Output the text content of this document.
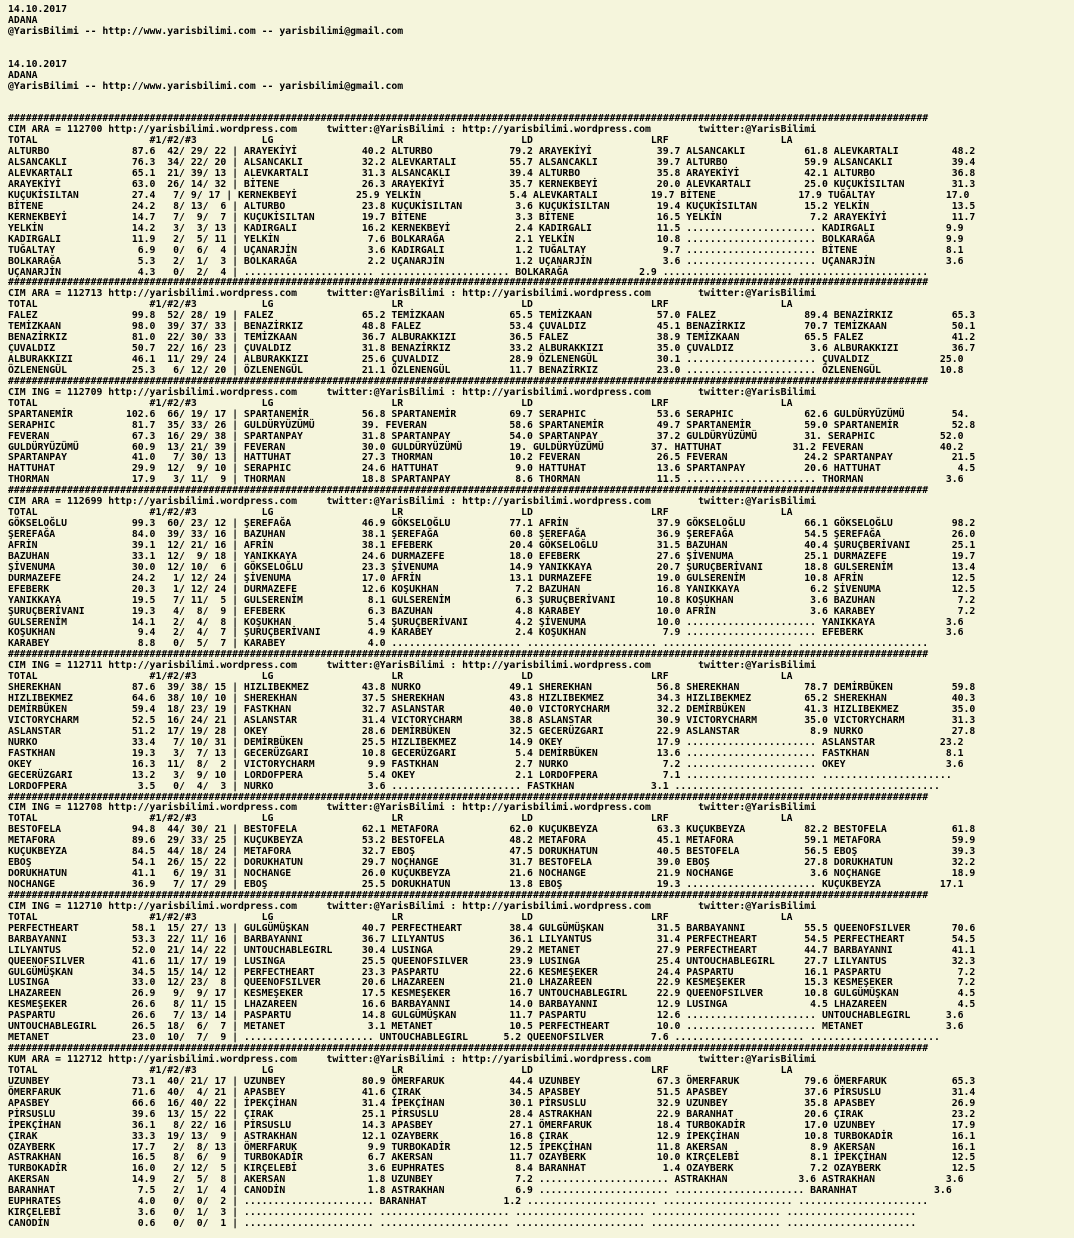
14.10.2017
ADANA
@YarisBilimi -- http://www.yarisbilimi.com -- yarisbilimi@gmail.com
14.10.2017
ADANA
@YarisBilimi -- http://www.yarisbilimi.com -- yarisbilimi@gmail.com
############################################################################################################################################################
CIM ARA = 112700 http://yarisbilimi.wordpress.com     twitter:@YarisBilimi : http://yarisbilimi.wordpress.com        twitter:@YarisBilimi
TOTAL                   #1/#2/#3           LG                    LR                    LD                    LRF                   LA
ALTURBO              87.6  42/ 29/ 22 | ARAYEKİYİ           40.2 ALTURBO             79.2 ARAYEKİYİ           39.7 ALSANCAKLI          61.8 ALEVKARTALI         48.2
ALSANCAKLI           76.3  34/ 22/ 20 | ALSANCAKLI          32.2 ALEVKARTALI         55.7 ALSANCAKLI          39.7 ALTURBO             59.9 ALSANCAKLI          39.4
ALEVKARTALI          65.1  21/ 39/ 13 | ALEVKARTALI         31.3 ALSANCAKLI          39.4 ALTURBO             35.8 ARAYEKİYİ           42.1 ALTURBO             36.8
ARAYEKİYİ            63.0  26/ 14/ 32 | BİTENE              26.3 ARAYEKİYİ           35.7 KERNEKBEYİ          20.0 ALEVKARTALI         25.0 KUÇUKİSILTAN        31.3
KUÇUKİSILTAN         27.4   7/ 9/ 17 | KERNEKBEYİ          25.9 YELKİN               5.4 ALEVKARTALI         19.7 BİTENE              17.9 TUĞALTAY            17.0
BİTENE               24.2   8/ 13/  6 | ALTURBO             23.8 KUÇUKİSILTAN         3.6 KUÇUKİSILTAN        19.4 KUÇUKİSILTAN        15.2 YELKİN              13.5
KERNEKBEYİ           14.7   7/  9/  7 | KUÇUKİSILTAN        19.7 BİTENE               3.3 BİTENE              16.5 YELKİN               7.2 ARAYEKİYİ           11.7
YELKİN               14.2   3/  3/ 13 | KADIRGALI           16.2 KERNEKBEYİ           2.4 KADIRGALI           11.5 ...................... KADIRGALI            9.9
KADIRGALI            11.9   2/  5/ 11 | YELKİN               7.6 BOLKARAĞA            2.1 YELKİN              10.8 ...................... BOLKARAĞA            9.9
TUĞALTAY              6.9   0/  6/  4 | UÇANARJİN            3.6 KADIRGALI            1.2 TUĞALTAY             9.7 ...................... BİTENE               8.1
BOLKARAĞA             5.3   2/  1/  3 | BOLKARAĞA            2.2 UÇANARJİN            1.2 UÇANARJİN            3.6 ...................... UÇANARJİN            3.6
UÇANARJİN             4.3   0/  2/  4 | ...................... ...................... BOLKARAĞA            2.9 ...................... ......................
############################################################################################################################################################
CIM ARA = 112713 http://yarisbilimi.wordpress.com     twitter:@YarisBilimi : http://yarisbilimi.wordpress.com        twitter:@YarisBilimi
TOTAL                   #1/#2/#3           LG                    LR                    LD                    LRF                   LA
FALEZ                99.8  52/ 28/ 19 | FALEZ               65.2 TEMİZKAAN           65.5 TEMİZKAAN           57.0 FALEZ               89.4 BENAZİRKIZ          65.3
TEMİZKAAN            98.0  39/ 37/ 33 | BENAZİRKIZ          48.8 FALEZ               53.4 ÇUVALDIZ            45.1 BENAZİRKIZ          70.7 TEMİZKAAN           50.1
BENAZİRKIZ           81.0  22/ 30/ 33 | TEMİZKAAN           36.7 ALBURAKKIZI         36.5 FALEZ               38.9 TEMİZKAAN           65.5 FALEZ               41.2
ÇUVALDIZ             50.7  22/ 16/ 23 | ÇUVALDIZ            31.8 BENAZİRKIZ          33.2 ALBURAKKIZI         35.0 ÇUVALDIZ             3.6 ALBURAKKIZI         36.7
ALBURAKKIZI          46.1  11/ 29/ 24 | ALBURAKKIZI         25.6 ÇUVALDIZ            28.9 ÖZLENENGÜL          30.1 ...................... ÇUVALDIZ            25.0
ÖZLENENGÜL           25.3   6/ 12/ 20 | ÖZLENENGÜL          21.1 ÖZLENENGÜL          11.7 BENAZİRKIZ          23.0 ...................... ÖZLENENGÜL          10.8
############################################################################################################################################################
CIM ING = 112709 http://yarisbilimi.wordpress.com     twitter:@YarisBilimi : http://yarisbilimi.wordpress.com        twitter:@YarisBilimi
TOTAL                   #1/#2/#3           LG                    LR                    LD                    LRF                   LA
SPARTANEMİR         102.6  66/ 19/ 17 | SPARTANEMİR         56.8 SPARTANEMİR         69.7 SERAPHIC            53.6 SERAPHIC            62.6 GULDÜRYÜZÜMÜ        54.
SERAPHIC             81.7  35/ 33/ 26 | GULDÜRYÜZÜMÜ        39. FEVERAN              58.6 SPARTANEMİR         49.7 SPARTANEMİR         59.0 SPARTANEMİR         52.8
FEVERAN              67.3  16/ 29/ 38 | SPARTANPAY          31.8 SPARTANPAY          54.0 SPARTANPAY          37.2 GULDÜRYÜZÜMÜ        31. SERAPHIC           52.0
GULDÜRYÜZÜMÜ         60.9  13/ 21/ 39 | FEVERAN             30.0 GULDÜRYÜZÜMÜ        19. GULDÜRYÜZÜMÜ        37. HATTUHAT            31.2 FEVERAN             40.2
SPARTANPAY           41.0   7/ 30/ 13 | HATTUHAT            27.3 THORMAN             10.2 FEVERAN             26.5 FEVERAN             24.2 SPARTANPAY          21.5
HATTUHAT             29.9  12/  9/ 10 | SERAPHIC            24.6 HATTUHAT             9.0 HATTUHAT            13.6 SPARTANPAY          20.6 HATTUHAT             4.5
THORMAN              17.9   3/ 11/  9 | THORMAN             18.8 SPARTANPAY           8.6 THORMAN             11.5 ...................... THORMAN              3.6
############################################################################################################################################################
CIM ARA = 112699 http://yarisbilimi.wordpress.com     twitter:@YarisBilimi : http://yarisbilimi.wordpress.com        twitter:@YarisBilimi
TOTAL                   #1/#2/#3           LG                    LR                    LD                    LRF                   LA
GÖKSELOĞLU           99.3  60/ 23/ 12 | ŞEREFAĞA            46.9 GÖKSELOĞLU          77.1 AFRİN               37.9 GÖKSELOĞLU          66.1 GÖKSELOĞLU          98.2
ŞEREFAĞA             84.0  39/ 33/ 16 | BAZUHAN             38.1 ŞEREFAĞA            60.8 ŞEREFAĞA            36.9 ŞEREFAĞA            54.5 ŞEREFAĞA            26.0
AFRİN                39.1  12/ 21/ 16 | AFRİN               38.1 EFEBERK             20.4 GÖKSELOĞLU          31.5 BAZUHAN             40.4 ŞURUÇBERİVANI       25.1
BAZUHAN              33.1  12/  9/ 18 | YANIKKAYA           24.6 DURMAZEFE           18.0 EFEBERK             27.6 ŞİVENUMA            25.1 DURMAZEFE           19.7
ŞİVENUMA             30.0  12/ 10/  6 | GÖKSELOĞLU          23.3 ŞİVENUMA            14.9 YANIKKAYA           20.7 ŞURUÇBERİVANI       18.8 GULSERENİM          13.4
DURMAZEFE            24.2   1/ 12/ 24 | ŞİVENUMA            17.0 AFRİN               13.1 DURMAZEFE           19.0 GULSERENİM          10.8 AFRİN               12.5
EFEBERK              20.3   1/ 12/ 24 | DURMAZEFE           12.6 KOŞUKHAN             7.2 BAZUHAN             16.8 YANIKKAYA            6.2 ŞİVENUMA            12.5
YANIKKAYA            19.5   7/ 11/  5 | GULSERENİM           8.1 GULSERENİM           6.3 ŞURUÇBERİVANI       10.8 KOŞUKHAN             3.6 BAZUHAN              7.2
ŞURUÇBERİVANI        19.3   4/  8/  9 | EFEBERK              6.3 BAZUHAN              4.8 KARABEY             10.0 AFRİN                3.6 KARABEY              7.2
GULSERENİM           14.1   2/  4/  8 | KOŞUKHAN             5.4 ŞURUÇBERİVANI        4.2 ŞİVENUMA            10.0 ...................... YANIKKAYA            3.6
KOŞUKHAN              9.4   2/  4/  7 | ŞURUÇBERİVANI        4.9 KARABEY              2.4 KOŞUKHAN             7.9 ...................... EFEBERK              3.6
KARABEY               8.8   0/  5/  7 | KARABEY              4.0 ...................... ...................... ...................... ......................
############################################################################################################################################################
CIM ING = 112711 http://yarisbilimi.wordpress.com     twitter:@YarisBilimi : http://yarisbilimi.wordpress.com        twitter:@YarisBilimi
TOTAL                   #1/#2/#3           LG                    LR                    LD                    LRF                   LA
SHEREKHAN            87.6  39/ 38/ 15 | HIZLIBEKMEZ         43.8 NURKO               49.1 SHEREKHAN           56.8 SHEREKHAN           78.7 DEMİRBÜKEN          59.8
HIZLIBEKMEZ          64.6  38/ 10/ 10 | SHEREKHAN           37.5 SHEREKHAN           43.8 HIZLIBEKMEZ         34.3 HIZLIBEKMEZ         65.2 SHEREKHAN           40.3
DEMİRBÜKEN           59.4  18/ 23/ 19 | FASTKHAN            32.7 ASLANSTAR           40.0 VICTORYCHARM        32.2 DEMİRBÜKEN          41.3 HIZLIBEKMEZ         35.0
VICTORYCHARM         52.5  16/ 24/ 21 | ASLANSTAR           31.4 VICTORYCHARM        38.8 ASLANSTAR           30.9 VICTORYCHARM        35.0 VICTORYCHARM        31.3
ASLANSTAR            51.2  17/ 19/ 28 | OKEY                28.6 DEMİRBÜKEN          32.5 GECERÜZGARI         22.9 ASLANSTAR            8.9 NURKO               27.8
NURKO                33.4   7/ 10/ 31 | DEMİRBÜKEN          25.5 HIZLIBEKMEZ         14.9 OKEY                17.9 ...................... ASLANSTAR           23.2
FASTKHAN             19.3   3/  7/ 13 | GECERÜZGARI         10.8 GECERÜZGARI          5.4 DEMİRBÜKEN          13.6 ...................... FASTKHAN             8.1
OKEY                 16.3  11/  8/  2 | VICTORYCHARM         9.9 FASTKHAN             2.7 NURKO                7.2 ...................... OKEY                 3.6
GECERÜZGARI          13.2   3/  9/ 10 | LORDOFPERA           5.4 OKEY                 2.1 LORDOFPERA           7.1 ...................... ......................
LORDOFPERA            3.5   0/  4/  3 | NURKO                3.6 ...................... FASTKHAN             3.1 ...................... ......................
############################################################################################################################################################
CIM ING = 112708 http://yarisbilimi.wordpress.com     twitter:@YarisBilimi : http://yarisbilimi.wordpress.com        twitter:@YarisBilimi
TOTAL                   #1/#2/#3           LG                    LR                    LD                    LRF                   LA
BESTOFELA            94.8  44/ 30/ 21 | BESTOFELA           62.1 METAFORA            62.0 KUÇUKBEYZA          63.3 KUÇUKBEYZA          82.2 BESTOFELA           61.8
METAFORA             89.6  29/ 33/ 25 | KUÇUKBEYZA          53.2 BESTOFELA           48.2 METAFORA            45.1 METAFORA            59.1 METAFORA            59.9
KUÇUKBEYZA           84.5  44/ 18/ 24 | METAFORA            32.7 EBOŞ                47.5 DORUKHATUN          40.5 BESTOFELA           56.5 EBOŞ                39.3
EBOŞ                 54.1  26/ 15/ 22 | DORUKHATUN          29.7 NOÇHANGE            31.7 BESTOFELA           39.0 EBOŞ                27.8 DORUKHATUN          32.2
DORUKHATUN           41.1   6/ 19/ 31 | NOCHANGE            26.0 KUÇUKBEYZA          21.6 NOCHANGE            21.9 NOCHANGE             3.6 NOÇHANGE            18.9
NOCHANGE             36.9   7/ 17/ 29 | EBOŞ                25.5 DORUKHATUN          13.8 EBOŞ                19.3 ...................... KUÇUKBEYZA          17.1
############################################################################################################################################################
CIM ING = 112710 http://yarisbilimi.wordpress.com     twitter:@YarisBilimi : http://yarisbilimi.wordpress.com        twitter:@YarisBilimi
TOTAL                   #1/#2/#3           LG                    LR                    LD                    LRF                   LA
PERFECTHEART         58.1  15/ 27/ 13 | GULGÜMÜŞKAN         40.7 PERFECTHEART        38.4 GULGÜMÜŞKAN         31.5 BARBAYANNI          55.5 QUEENOFSILVER       70.6
BARBAYANNI           53.3  22/ 11/ 16 | BARBAYANNI          36.7 LILYANTUS           36.1 LILYANTUS           31.4 PERFECTHEART        54.5 PERFECTHEART        54.5
LILYANTUS            52.0  21/ 14/ 22 | UNTOUCHABLEGIRL     30.4 LUSINGA             29.2 METANET             27.9 PERFECTHEART        44.7 BARBAYANNI          41.1
QUEENOFSILVER        41.6  11/ 17/ 19 | LUSINGA             25.5 QUEENOFSILVER       23.9 LUSINGA             25.4 UNTOUCHABLEGIRL     27.7 LILYANTUS           32.3
GULGÜMÜŞKAN          34.5  15/ 14/ 12 | PERFECTHEART        23.3 PASPARTU            22.6 KESMEŞEKER          24.4 PASPARTU            16.1 PASPARTU             7.2
LUSINGA              33.0  12/ 23/  8 | QUEENOFSILVER       20.6 LHAZAREEN           21.0 LHAZAREEN           22.9 KESMEŞEKER          15.3 KESMEŞEKER           7.2
LHAZAREEN            26.9   9/  9/ 17 | KESMEŞEKER          17.5 KESMEŞEKER          16.7 UNTOUCHABLEGIRL     22.9 QUEENOFSILVER       10.8 GULGÜMÜŞKAN          4.5
KESMEŞEKER           26.6   8/ 11/ 15 | LHAZAREEN           16.6 BARBAYANNI          14.0 BARBAYANNI          12.9 LUSINGA              4.5 LHAZAREEN            4.5
PASPARTU             26.6   7/ 13/ 14 | PASPARTU            14.8 GULGÜMÜŞKAN         11.7 PASPARTU            12.6 ...................... UNTOUCHABLEGIRL      3.6
UNTOUCHABLEGIRL      26.5  18/  6/  7 | METANET              3.1 METANET             10.5 PERFECTHEART        10.0 ...................... METANET              3.6
METANET              23.0  10/  7/  9 | ...................... UNTOUCHABLEGIRL      5.2 QUEENOFSILVER        7.6 ...................... ......................
############################################################################################################################################################
KUM ARA = 112712 http://yarisbilimi.wordpress.com     twitter:@YarisBilimi : http://yarisbilimi.wordpress.com        twitter:@YarisBilimi
TOTAL                   #1/#2/#3           LG                    LR                    LD                    LRF                   LA
UZUNBEY              73.1  40/ 21/ 17 | UZUNBEY             80.9 ÖMERFARUK           44.4 UZUNBEY             67.3 ÖMERFARUK           79.6 ÖMERFARUK           65.3
ÖMERFARUK            71.6  40/  4/ 21 | APASBEY             41.6 ÇIRAK               34.5 APASBEY             51.5 APASBEY             37.6 PİRSUSLU            31.4
APASBEY              66.6  16/ 40/ 22 | İPEKÇİHAN           31.4 İPEKÇİHAN           30.1 PİRSUSLU            32.9 UZUNBEY             35.8 APASBEY             26.9
PİRSUSLU             39.6  13/ 15/ 22 | ÇIRAK               25.1 PİRSUSLU            28.4 ASTRAKHAN           22.9 BARANHAT            20.6 ÇIRAK               23.2
İPEKÇİHAN            36.1   8/ 22/ 16 | PİRSUSLU            14.3 APASBEY             27.1 ÖMERFARUK           18.4 TURBOKADİR          17.0 UZUNBEY             17.9
ÇIRAK                33.3  19/ 13/  9 | ASTRAKHAN           12.1 OZAYBERK            16.8 ÇIRAK               12.9 İPEKÇİHAN           10.8 TURBOKADİR          16.1
OZAYBERK             17.7   2/  8/ 13 | ÖMERFARUK            9.9 TURBOKADİR          12.5 İPEKÇİHAN           11.8 AKERSAN              8.9 AKERSAN             16.1
ASTRAKHAN            16.5   8/  6/  9 | TURBOKADİR           6.7 AKERSAN             11.7 OZAYBERK            10.0 KIRÇELEBİ            8.1 İPEKÇİHAN           12.5
TURBOKADİR           16.0   2/ 12/  5 | KIRÇELEBİ            3.6 EUPHRATES            8.4 BARANHAT             1.4 OZAYBERK             7.2 OZAYBERK            12.5
AKERSAN              14.9   2/  5/  8 | AKERSAN              1.8 UZUNBEY              7.2 ...................... ASTRAKHAN            3.6 ASTRAKHAN            3.6
BARANHAT              7.5   2/  1/  4 | CANODİN              1.8 ASTRAKHAN            6.9 ...................... ...................... BARANHAT             3.6
EUPHRATES             4.0   0/  0/  2 | ...................... BARANHAT             1.2 ...................... ...................... ......................
KIRÇELEBİ             3.6   0/  1/  3 | ...................... ...................... ...................... ...................... ......................
CANODİN               0.6   0/  0/  1 | ...................... ...................... ...................... ...................... ......................
